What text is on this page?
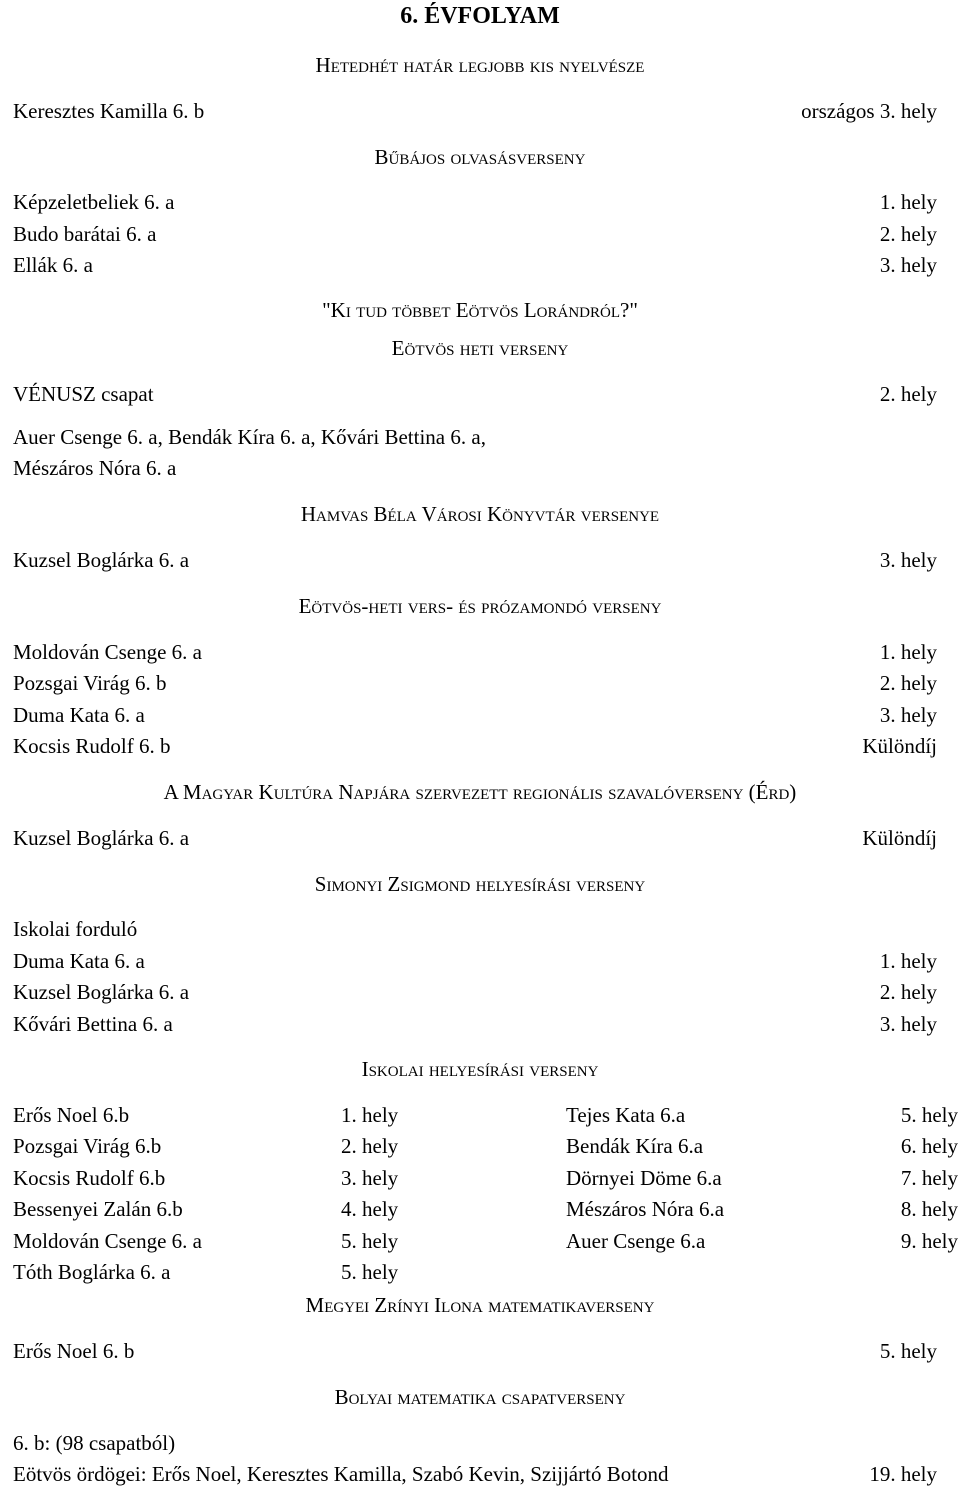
6. ÉVFOLYAM
Hetedhét határ legjobb kis nyelvésze
Keresztes Kamilla 6. b	országos 3. hely
Bűbájos olvasásverseny
Képzeletbeliek 6. a	1. hely
Budo barátai 6. a	2. hely
Ellák 6. a	3. hely
"Ki tud többet Eötvös Lorándról?"
Eötvös heti verseny
VÉNUSZ csapat	2. hely
Auer Csenge 6. a, Bendák Kíra 6. a, Kővári Bettina 6. a,
Mészáros Nóra 6. a
Hamvas Béla Városi Könyvtár versenye
Kuzsel Boglárka 6. a	3. hely
Eötvös-heti vers- és prózamondó verseny
Moldován Csenge 6. a	1. hely
Pozsgai Virág 6. b	2. hely
Duma Kata 6. a	3. hely
Kocsis Rudolf 6. b	Különdíj
A Magyar Kultúra Napjára szervezett regionális szavalóverseny (Érd)
Kuzsel Boglárka 6. a	Különdíj
Simonyi Zsigmond helyesírási verseny
Iskolai forduló
Duma Kata 6. a	1. hely
Kuzsel Boglárka 6. a	2. hely
Kővári Bettina 6. a	3. hely
Iskolai helyesírási verseny
Erős Noel 6.b	1. hely	Tejes Kata 6.a	5. hely
Pozsgai Virág 6.b	2. hely	Bendák Kíra 6.a	6. hely
Kocsis Rudolf 6.b	3. hely	Dörnyei Döme 6.a	7. hely
Bessenyei Zalán 6.b	4. hely	Mészáros Nóra 6.a	8. hely
Moldován Csenge 6. a	5. hely	Auer Csenge 6.a	9. hely
Tóth Boglárka 6. a	5. hely
Megyei Zrínyi Ilona matematikaverseny
Erős Noel 6. b	5. hely
Bolyai matematika csapatverseny
6. b: (98 csapatból)
Eötvös ördögei: Erős Noel, Keresztes Kamilla, Szabó Kevin, Szijjártó Botond	19. hely
